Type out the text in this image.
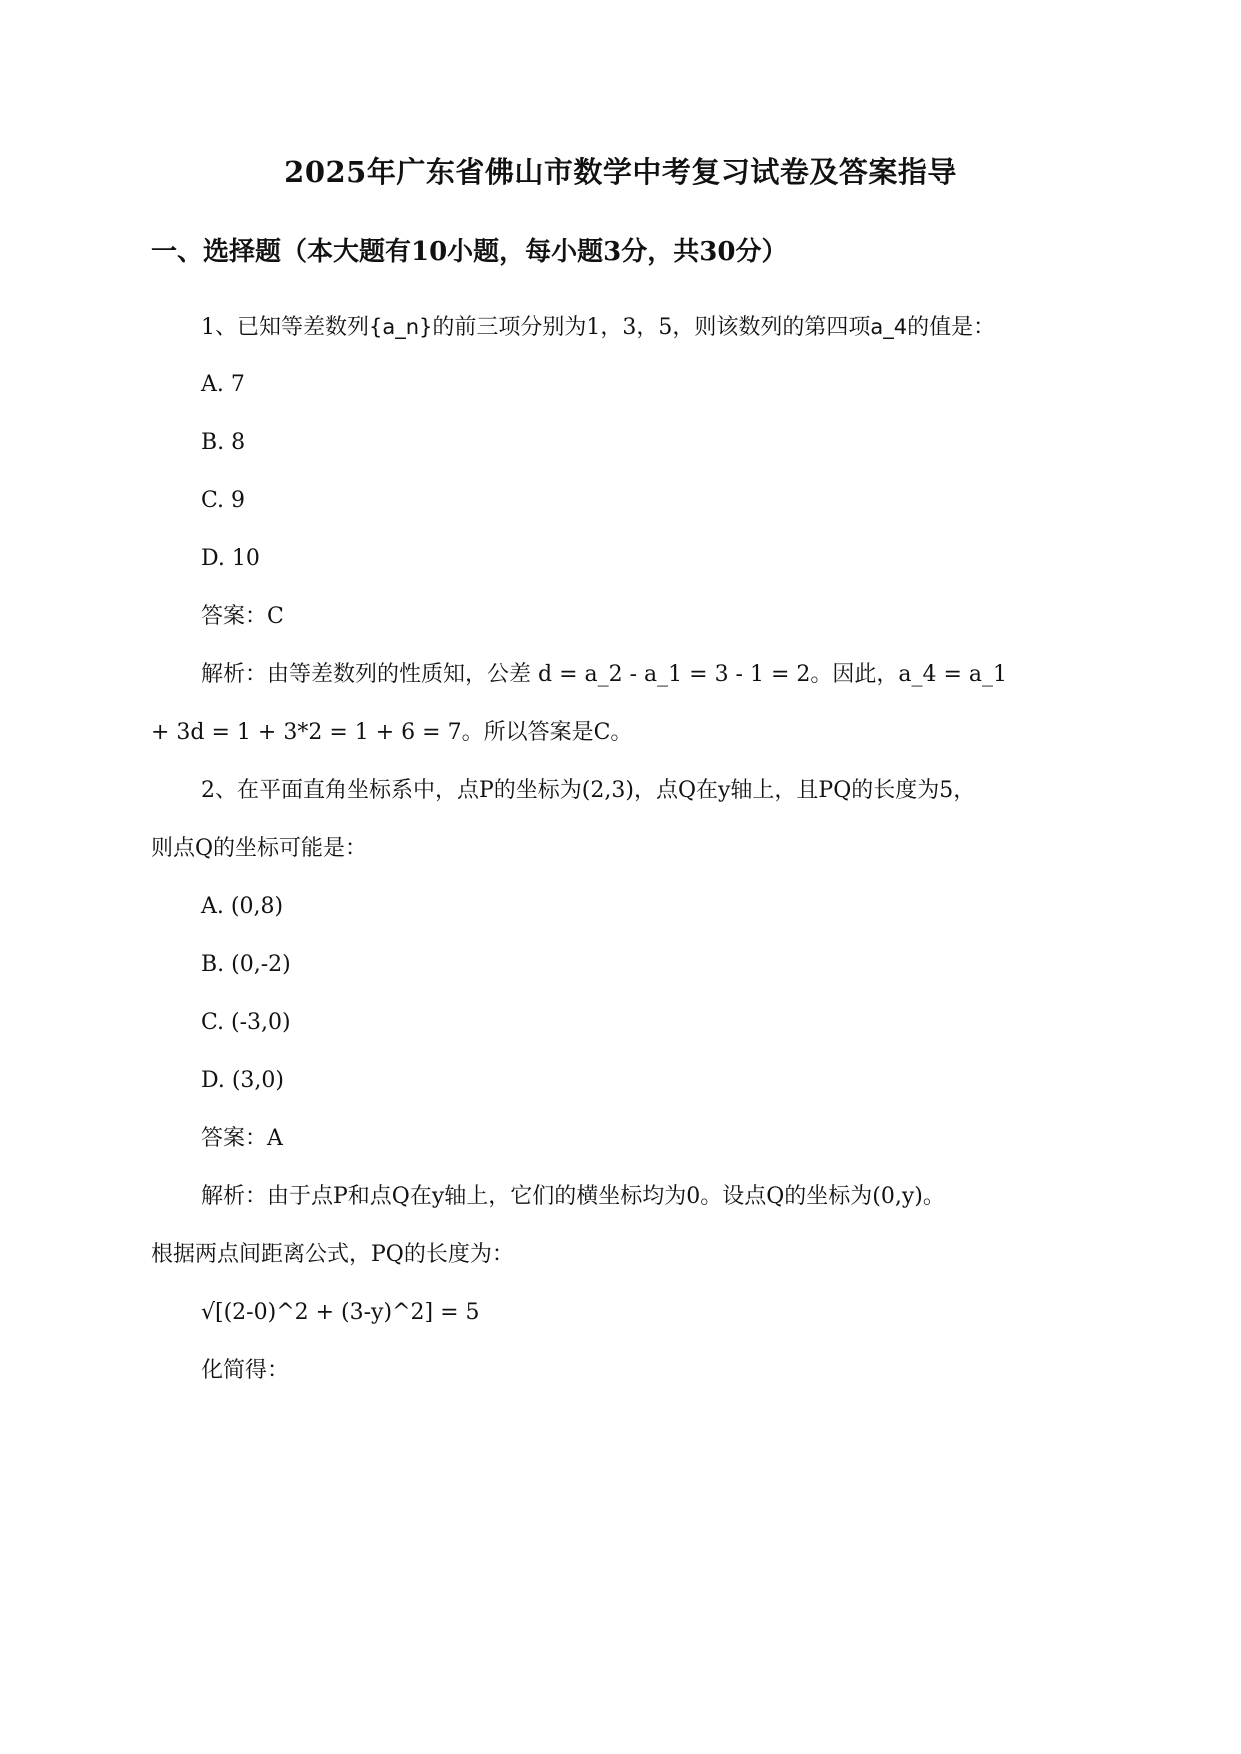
2025年广东省佛山市数学中考复习试卷及答案指导
一、选择题（本大题有10小题，每小题3分，共30分）
1、已知等差数列{a_n}的前三项分别为1，3，5，则该数列的第四项a_4的值是：
A. 7
B. 8
C. 9
D. 10
答案：C
解析：由等差数列的性质知，公差 d = a_2 - a_1 = 3 - 1 = 2。因此，a_4 = a_1
+ 3d = 1 + 3*2 = 1 + 6 = 7。所以答案是C。
2、在平面直角坐标系中，点P的坐标为(2,3)，点Q在y轴上，且PQ的长度为5，
则点Q的坐标可能是：
A. (0,8)
B. (0,-2)
C. (-3,0)
D. (3,0)
答案：A
解析：由于点P和点Q在y轴上，它们的横坐标均为0。设点Q的坐标为(0,y)。
根据两点间距离公式，PQ的长度为：
√[(2-0)^2 + (3-y)^2] = 5
化简得：
